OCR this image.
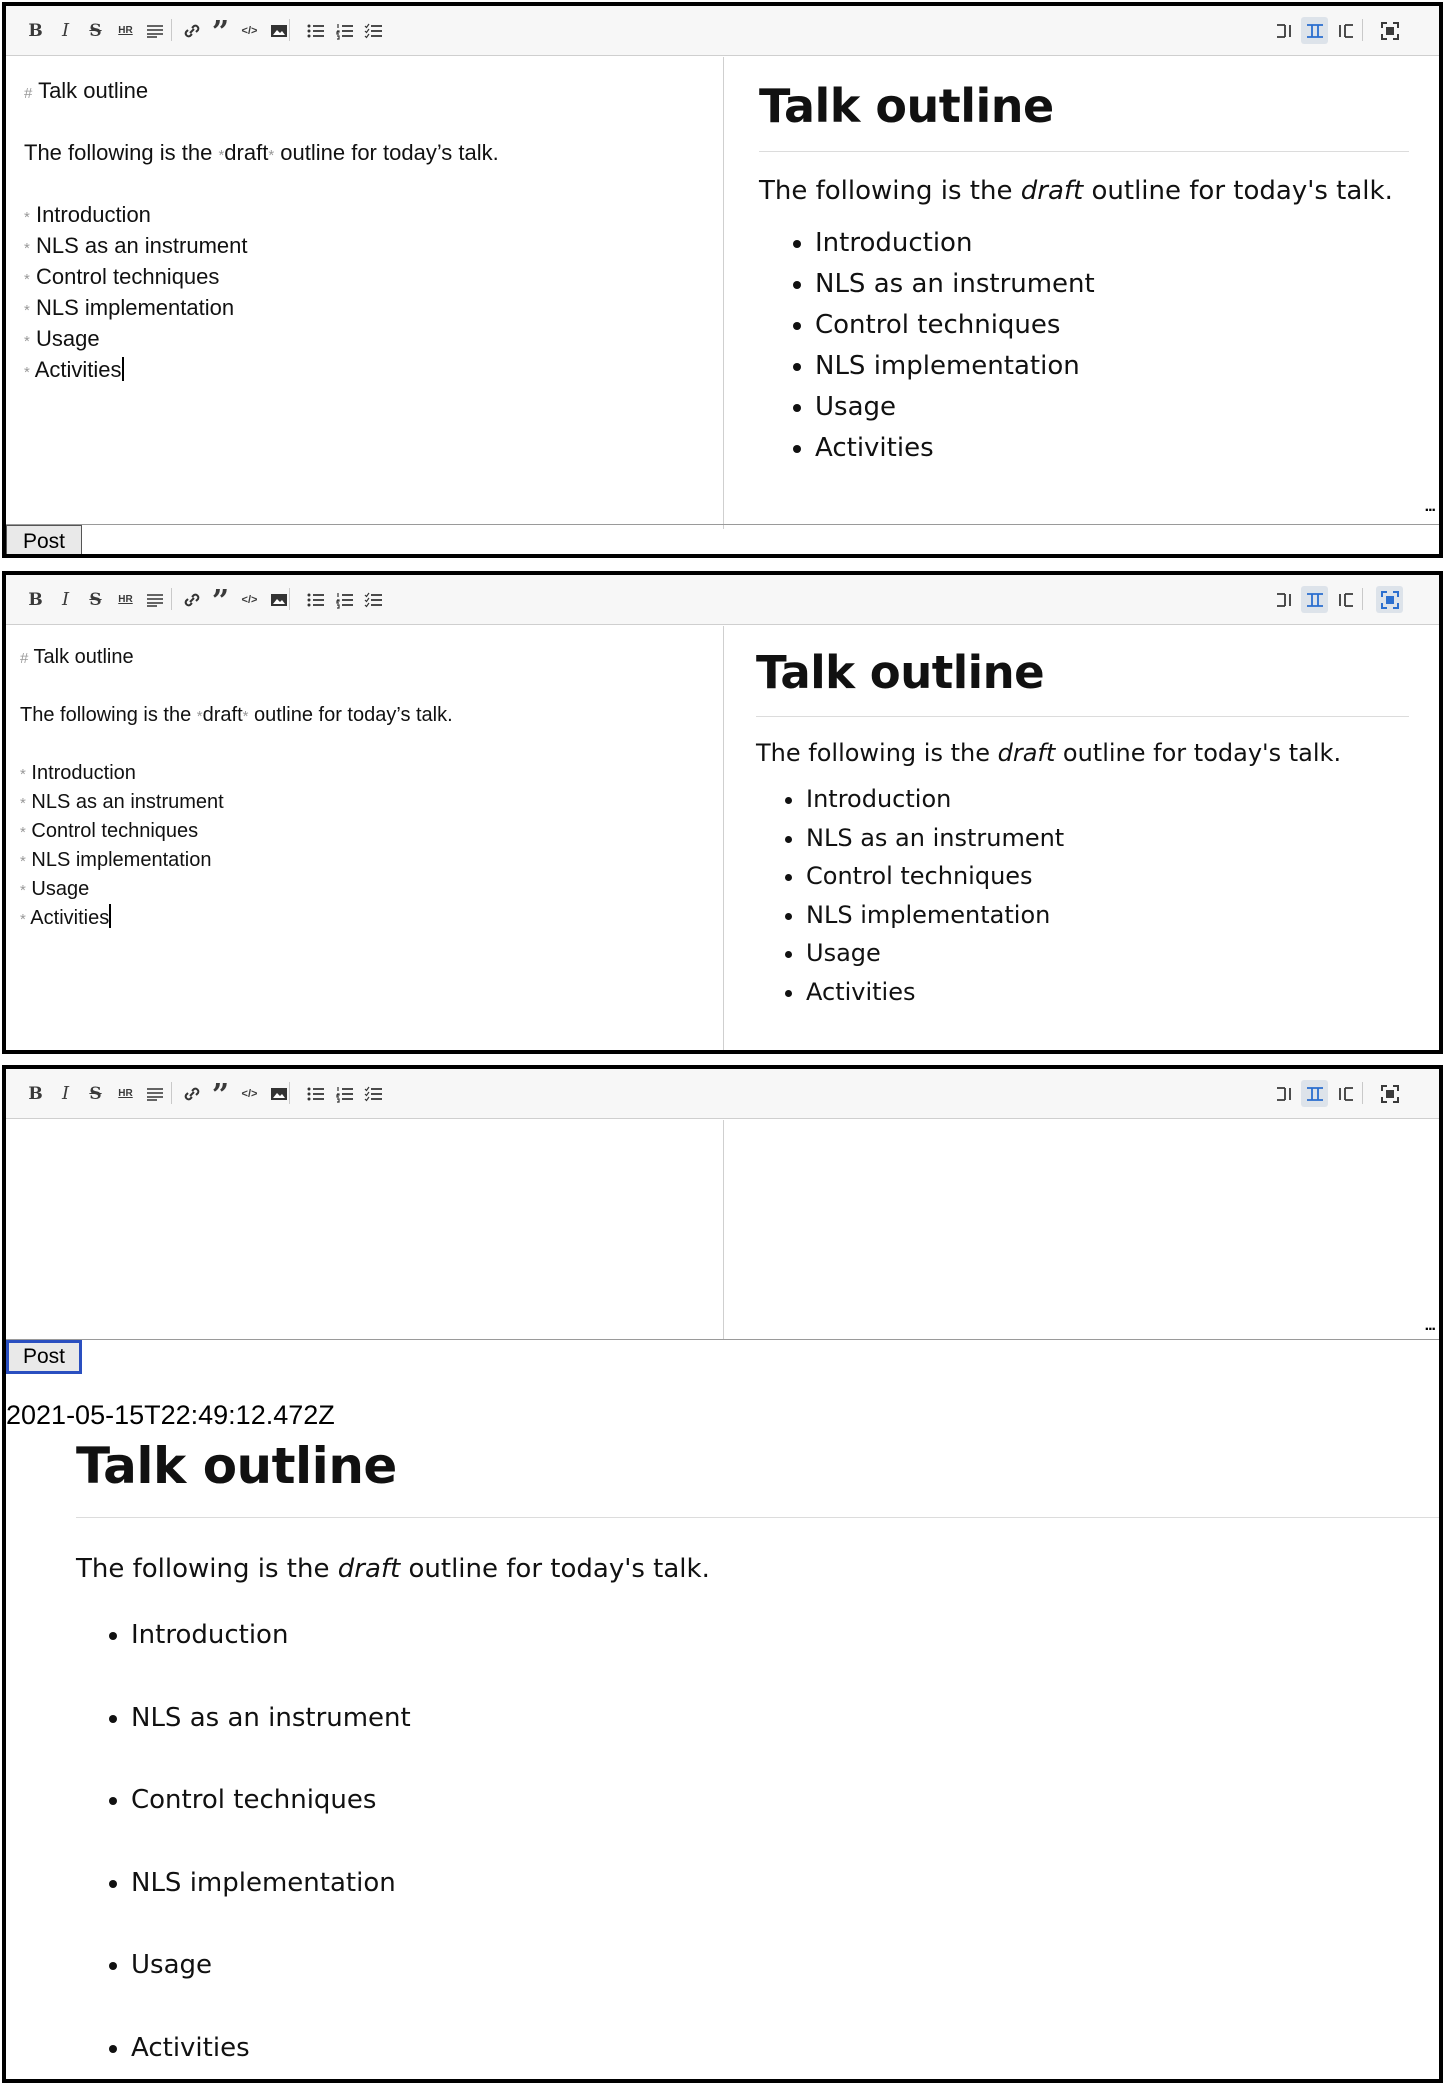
B I S HR	” </>
# Talk outline
The following is the *draft* outline for today’s talk.
* Introduction
* NLS as an instrument
* Control techniques
* NLS implementation
* Usage
* Activities
Talk outline

The following is the draft outline for today's talk.

• Introduction
• NLS as an instrument
• Control techniques
• NLS implementation
• Usage
• Activities
...
Post
B I S HR	” </>
# Talk outline
The following is the *draft* outline for today’s talk.
* Introduction
* NLS as an instrument
* Control techniques
* NLS implementation
* Usage
* Activities
Talk outline

The following is the draft outline for today's talk.

• Introduction
• NLS as an instrument
• Control techniques
• NLS implementation
• Usage
• Activities
B I S HR	” </>
...
Post
2021-05-15T22:49:12.472Z
Talk outline

The following is the draft outline for today's talk.

• Introduction
• NLS as an instrument
• Control techniques
• NLS implementation
• Usage
• Activities
